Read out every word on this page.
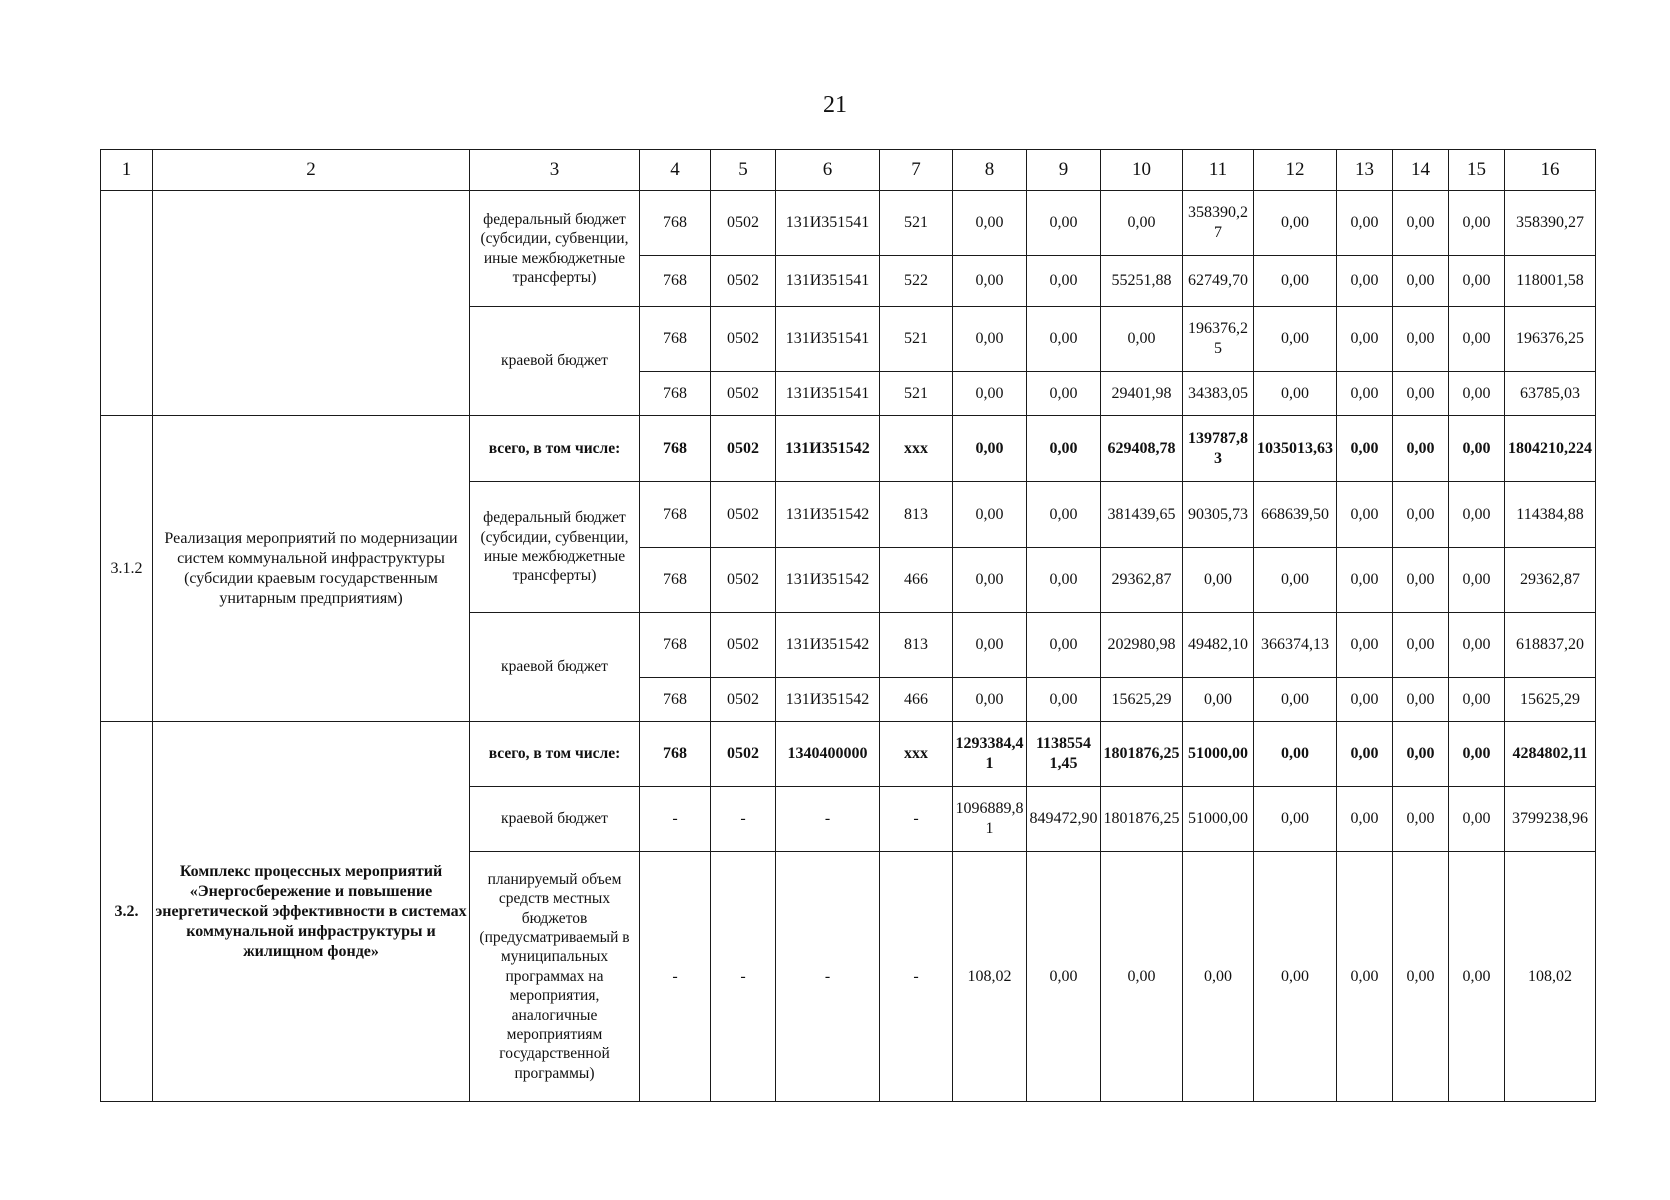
21
1	2	3	4	5	6	7	8	9	10	11	12	13	14	15	16
		федеральный бюджет (субсидии, субвенции, иные межбюджетные трансферты)	768	0502	131И351541	521	0,00	0,00	0,00	358390,27	0,00	0,00	0,00	0,00	358390,27
			768	0502	131И351541	522	0,00	0,00	55251,88	62749,70	0,00	0,00	0,00	0,00	118001,58
		краевой бюджет	768	0502	131И351541	521	0,00	0,00	0,00	196376,25	0,00	0,00	0,00	0,00	196376,25
			768	0502	131И351541	521	0,00	0,00	29401,98	34383,05	0,00	0,00	0,00	0,00	63785,03
3.1.2	Реализация мероприятий по модернизации систем коммунальной инфраструктуры (субсидии краевым государственным унитарным предприятиям)	всего, в том числе:	768	0502	131И351542	ххх	0,00	0,00	629408,78	139787,83	1035013,63	0,00	0,00	0,00	1804210,224
		федеральный бюджет (субсидии, субвенции, иные межбюджетные трансферты)	768	0502	131И351542	813	0,00	0,00	381439,65	90305,73	668639,50	0,00	0,00	0,00	114384,88
			768	0502	131И351542	466	0,00	0,00	29362,87	0,00	0,00	0,00	0,00	0,00	29362,87
		краевой бюджет	768	0502	131И351542	813	0,00	0,00	202980,98	49482,10	366374,13	0,00	0,00	0,00	618837,20
			768	0502	131И351542	466	0,00	0,00	15625,29	0,00	0,00	0,00	0,00	0,00	15625,29
3.2.	Комплекс процессных мероприятий «Энергосбережение и повышение энергетической эффективности в системах коммунальной инфраструктуры и жилищном фонде»	всего, в том числе:	768	0502	1340400000	ххх	1293384,41	1138554 1,45	1801876,25	51000,00	0,00	0,00	0,00	0,00	4284802,11
		краевой бюджет	-	-	-	-	1096889,81	849472,90	1801876,25	51000,00	0,00	0,00	0,00	0,00	3799238,96
		планируемый объем средств местных бюджетов (предусматриваемый в муниципальных программах на мероприятия, аналогичные мероприятиям государственной программы)	-	-	-	-	108,02	0,00	0,00	0,00	0,00	0,00	0,00	0,00	108,02
